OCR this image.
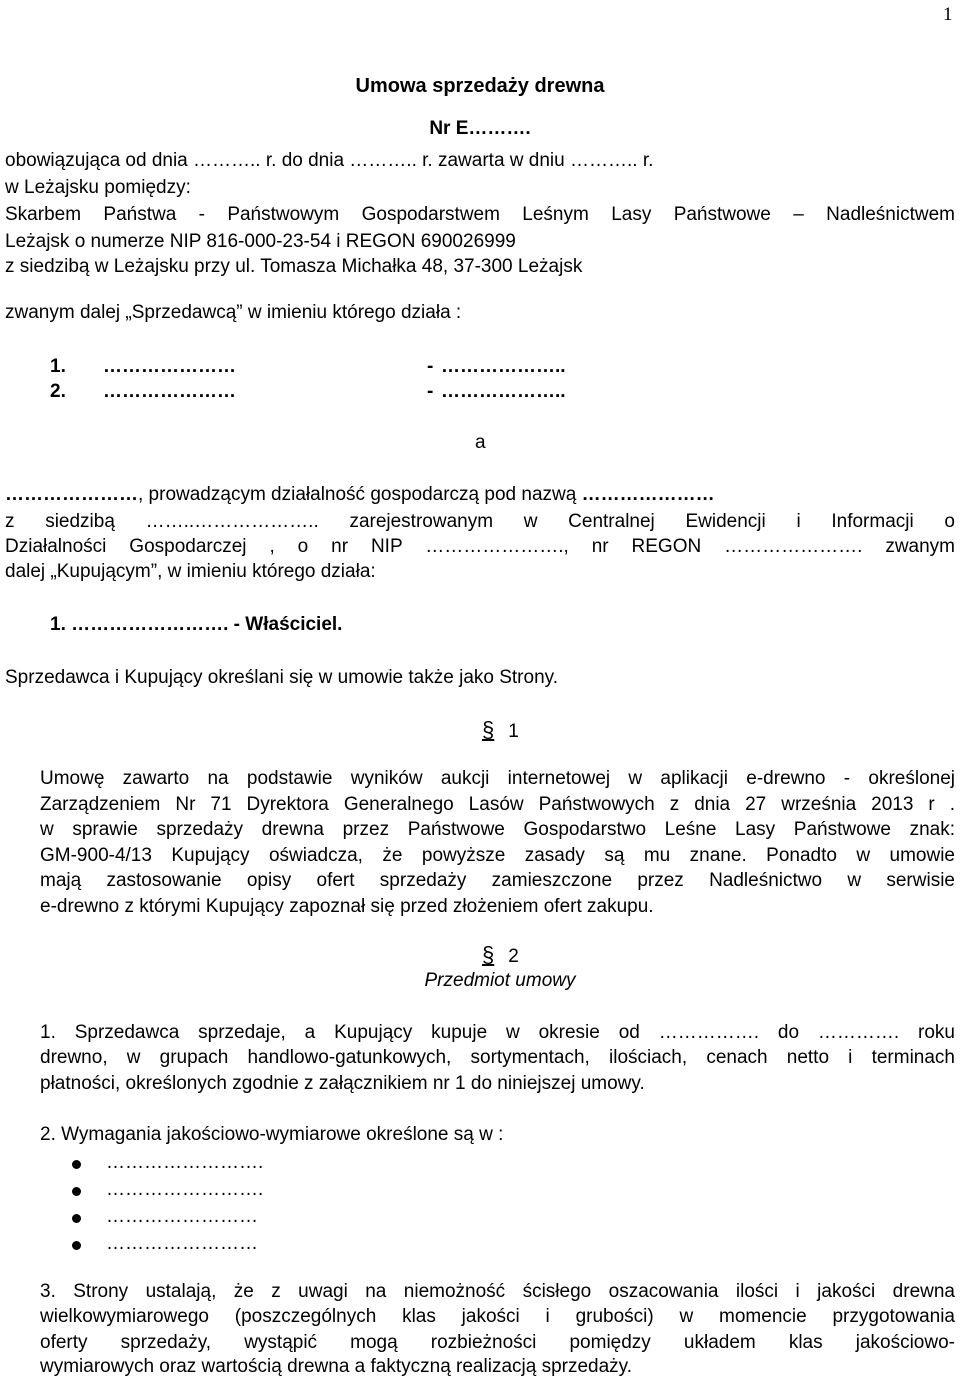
1
Umowa sprzedaży drewna
Nr E……….
obowiązująca od dnia ……….. r. do dnia ……….. r. zawarta w dniu ……….. r.
w Leżajsku pomiędzy:
Skarbem Państwa - Państwowym Gospodarstwem Leśnym Lasy Państwowe – Nadleśnictwem
Leżajsk o numerze NIP 816-000-23-54 i REGON 690026999
z siedzibą w Leżajsku przy ul. Tomasza Michałka 48, 37-300 Leżajsk
zwanym dalej „Sprzedawcą” w imieniu którego działa :
1. …………………	- ………………..
2. …………………	- ………………..
a
…………………, prowadzącym działalność gospodarczą pod nazwą …………………
z siedzibą ……..……………….. zarejestrowanym w Centralnej Ewidencji i Informacji o
Działalności Gospodarczej , o nr NIP …………………., nr REGON …………………. zwanym
dalej „Kupującym”, w imieniu którego działa:
1. ……………………. - Właściciel.
Sprzedawca i Kupujący określani się w umowie także jako Strony.
§ 1
Umowę zawarto na podstawie wyników aukcji internetowej w aplikacji e-drewno - określonej
Zarządzeniem Nr 71 Dyrektora Generalnego Lasów Państwowych z dnia 27 września 2013 r .
w sprawie sprzedaży drewna przez Państwowe Gospodarstwo Leśne Lasy Państwowe znak:
GM-900-4/13 Kupujący oświadcza, że powyższe zasady są mu znane. Ponadto w umowie
mają zastosowanie opisy ofert sprzedaży zamieszczone przez Nadleśnictwo w serwisie
e-drewno z którymi Kupujący zapoznał się przed złożeniem ofert zakupu.
§ 2
Przedmiot umowy
1. Sprzedawca sprzedaje, a Kupujący kupuje w okresie od ……………. do …………. roku
drewno, w grupach handlowo-gatunkowych, sortymentach, ilościach, cenach netto i terminach
płatności, określonych zgodnie z załącznikiem nr 1 do niniejszej umowy.
2. Wymagania jakościowo-wymiarowe określone są w :
…………………….
…………………….
……………………
……………………
3. Strony ustalają, że z uwagi na niemożność ścisłego oszacowania ilości i jakości drewna
wielkowymiarowego (poszczególnych klas jakości i grubości) w momencie przygotowania
oferty sprzedaży, wystąpić mogą rozbieżności pomiędzy układem klas jakościowo-
wymiarowych oraz wartością drewna a faktyczną realizacją sprzedaży.
